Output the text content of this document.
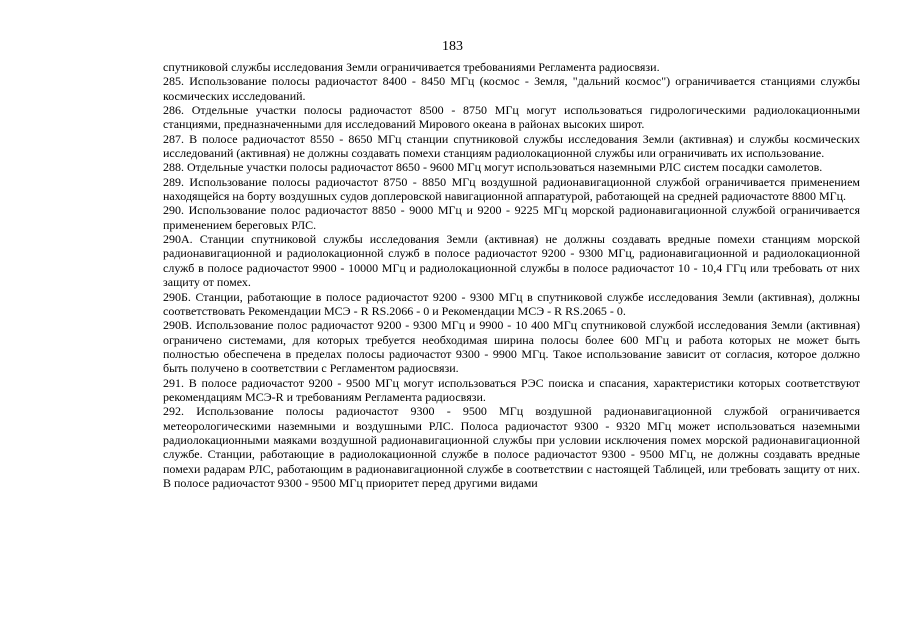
183

спутниковой службы исследования Земли ограничивается требованиями Регламента радиосвязи.

285. Использование полосы радиочастот 8400 - 8450 МГц (космос - Земля, "дальний космос") ограничивается станциями службы космических исследований.

286. Отдельные участки полосы радиочастот 8500 - 8750 МГц могут использоваться гидрологическими радиолокационными станциями, предназначенными для исследований Мирового океана в районах высоких широт.

287. В полосе радиочастот 8550 - 8650 МГц станции спутниковой службы исследования Земли (активная) и службы космических исследований (активная) не должны создавать помехи станциям радиолокационной службы или ограничивать их использование.

288. Отдельные участки полосы радиочастот 8650 - 9600 МГц могут использоваться наземными РЛС систем посадки самолетов.

289. Использование полосы радиочастот 8750 - 8850 МГц воздушной радионавигационной службой ограничивается применением находящейся на борту воздушных судов доплеровской навигационной аппаратурой, работающей на средней радиочастоте 8800 МГц.

290. Использование полос радиочастот 8850 - 9000 МГц и 9200 - 9225 МГц морской радионавигационной службой ограничивается применением береговых РЛС.

290А. Станции спутниковой службы исследования Земли (активная) не должны создавать вредные помехи станциям морской радионавигационной и радиолокационной служб в полосе радиочастот 9200 - 9300 МГц, радионавигационной и радиолокационной служб в полосе радиочастот 9900 - 10000 МГц и радиолокационной службы в полосе радиочастот 10 - 10,4 ГГц или требовать от них защиту от помех.

290Б. Станции, работающие в полосе радиочастот 9200 - 9300 МГц в спутниковой службе исследования Земли (активная), должны соответствовать Рекомендации МСЭ - R RS.2066 - 0 и Рекомендации МСЭ - R RS.2065 - 0.

290В. Использование полос радиочастот 9200 - 9300 МГц и 9900 - 10 400 МГц спутниковой службой исследования Земли (активная) ограничено системами, для которых требуется необходимая ширина полосы более 600 МГц и работа которых не может быть полностью обеспечена в пределах полосы радиочастот 9300 - 9900 МГц. Такое использование зависит от согласия, которое должно быть получено в соответствии с Регламентом радиосвязи.

291. В полосе радиочастот 9200 - 9500 МГц могут использоваться РЭС поиска и спасания, характеристики которых соответствуют рекомендациям МСЭ-R и требованиям Регламента радиосвязи.

292. Использование полосы радиочастот 9300 - 9500 МГц воздушной радионавигационной службой ограничивается метеорологическими наземными и воздушными РЛС. Полоса радиочастот 9300 - 9320 МГц может использоваться наземными радиолокационными маяками воздушной радионавигационной службы при условии исключения помех морской радионавигационной службе. Станции, работающие в радиолокационной службе в полосе радиочастот 9300 - 9500 МГц, не должны создавать вредные помехи радарам РЛС, работающим в радионавигационной службе в соответствии с настоящей Таблицей, или требовать защиту от них. В полосе радиочастот 9300 - 9500 МГц приоритет перед другими видами
